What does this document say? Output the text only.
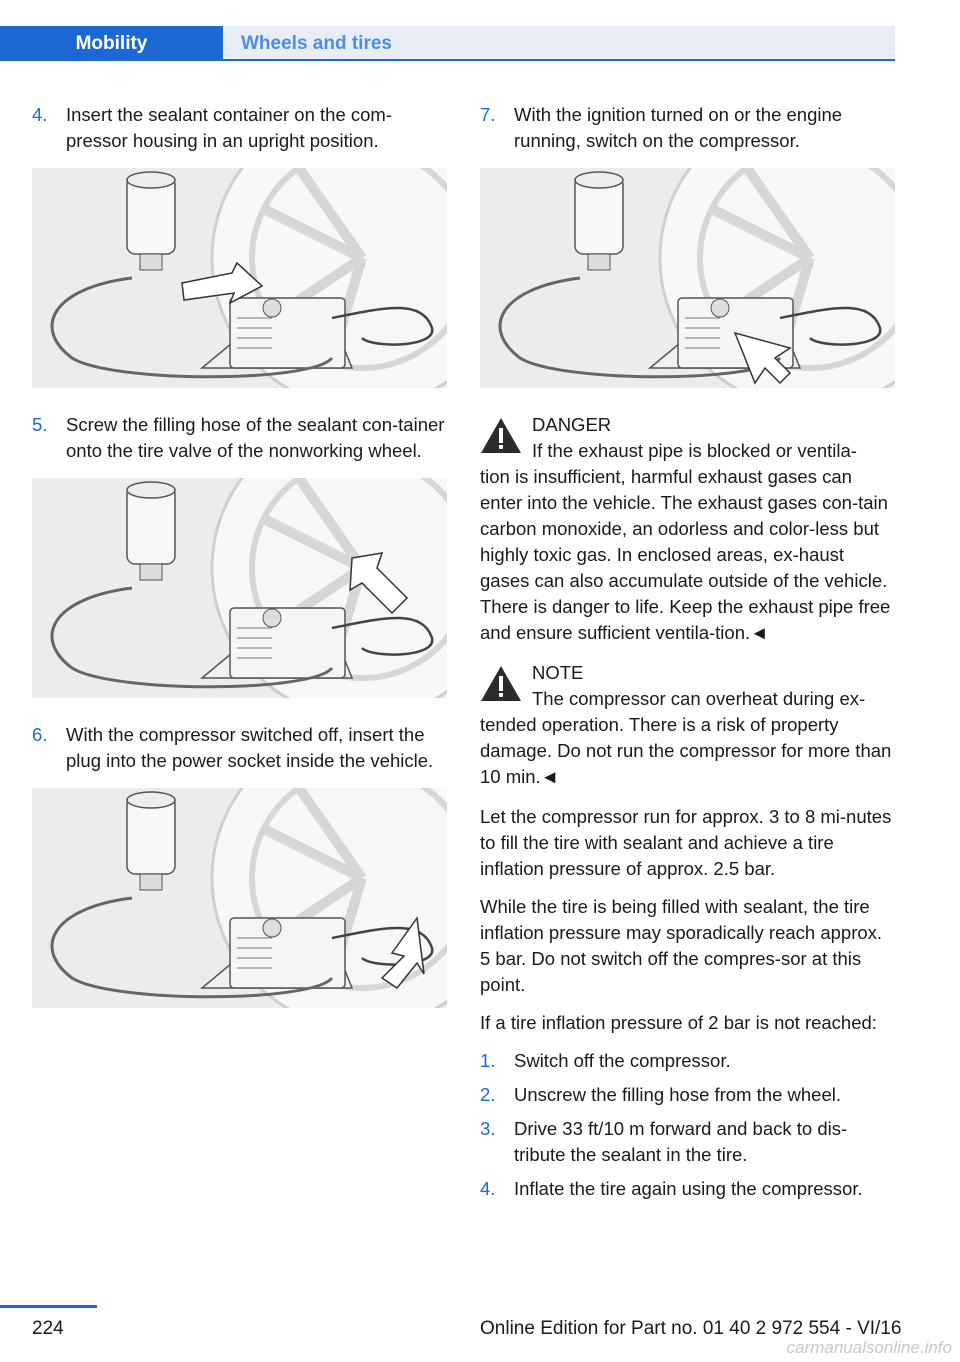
Mobility	Wheels and tires
4.	Insert the sealant container on the com‐pressor housing in an upright position.
5.	Screw the filling hose of the sealant con‐tainer onto the tire valve of the nonworking wheel.
6.	With the compressor switched off, insert the plug into the power socket inside the vehicle.
7.	With the ignition turned on or the engine running, switch on the compressor.
DANGER
If the exhaust pipe is blocked or ventila‐
tion is insufficient, harmful exhaust gases can enter into the vehicle. The exhaust gases con‐tain carbon monoxide, an odorless and color‐less but highly toxic gas. In enclosed areas, ex‐haust gases can also accumulate outside of the vehicle. There is danger to life. Keep the exhaust pipe free and ensure sufficient ventila‐tion.◄
NOTE
The compressor can overheat during ex‐
tended operation. There is a risk of property damage. Do not run the compressor for more than 10 min.◄

Let the compressor run for approx. 3 to 8 mi‐nutes to fill the tire with sealant and achieve a tire inflation pressure of approx. 2.5 bar.

While the tire is being filled with sealant, the tire inflation pressure may sporadically reach approx. 5 bar. Do not switch off the compres‐sor at this point.

If a tire inflation pressure of 2 bar is not reached:

1.	Switch off the compressor.
2.	Unscrew the filling hose from the wheel.
3.	Drive 33 ft/10 m forward and back to dis‐tribute the sealant in the tire.
4.	Inflate the tire again using the compressor.
224	Online Edition for Part no. 01 40 2 972 554 - VI/16
carmanualsonline.info
